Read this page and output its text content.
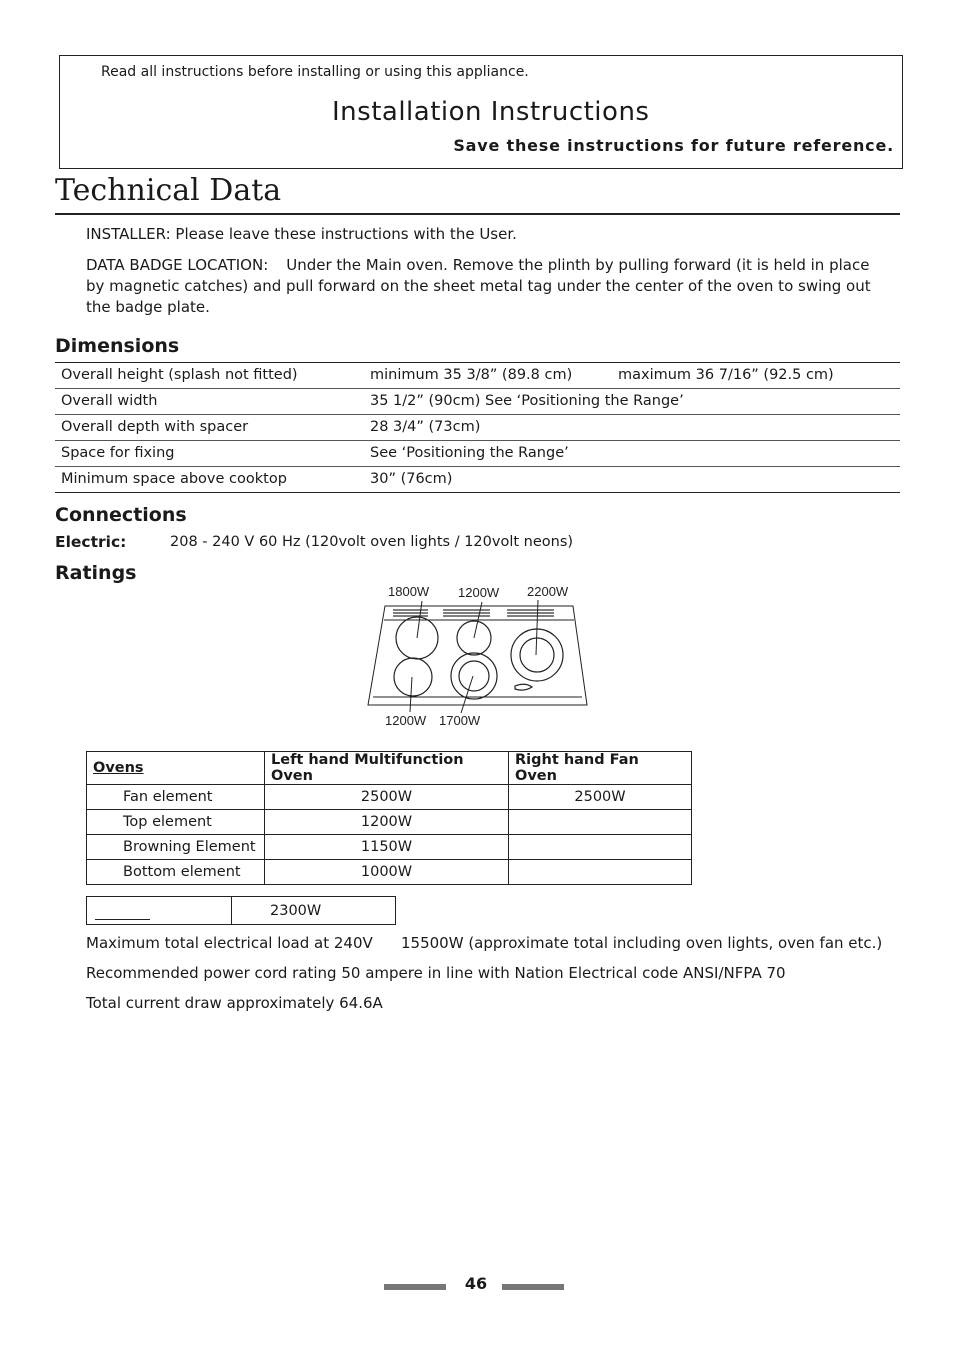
Read all instructions before installing or using this appliance.
Installation Instructions
Save these instructions for future reference.
Technical Data
INSTALLER: Please leave these instructions with the User.
DATA BADGE LOCATION: Under the Main oven. Remove the plinth by pulling forward (it is held in place by magnetic catches) and pull forward on the sheet metal tag under the center of the oven to swing out the badge plate.
Dimensions
Overall height (splash not fitted)	minimum 35 3/8” (89.8 cm)	maximum 36 7/16” (92.5 cm)
Overall width	35 1/2” (90cm) See ‘Positioning the Range’
Overall depth with spacer	28 3/4” (73cm)
Space for fixing	See ‘Positioning the Range’
Minimum space above cooktop	30” (76cm)
Connections
Electric:	208 - 240 V 60 Hz (120volt oven lights / 120volt neons)
Ratings
1800W 1200W 2200W
1200W 1700W
Ovens	Left hand Multifunction Oven	Right hand Fan Oven
Fan element	2500W	2500W
Top element	1200W	
Browning Element	1150W	
Bottom element	1000W	
	2300W
Maximum total electrical load at 240V 15500W (approximate total including oven lights, oven fan etc.)
Recommended power cord rating 50 ampere in line with Nation Electrical code ANSI/NFPA 70
Total current draw approximately 64.6A
46
